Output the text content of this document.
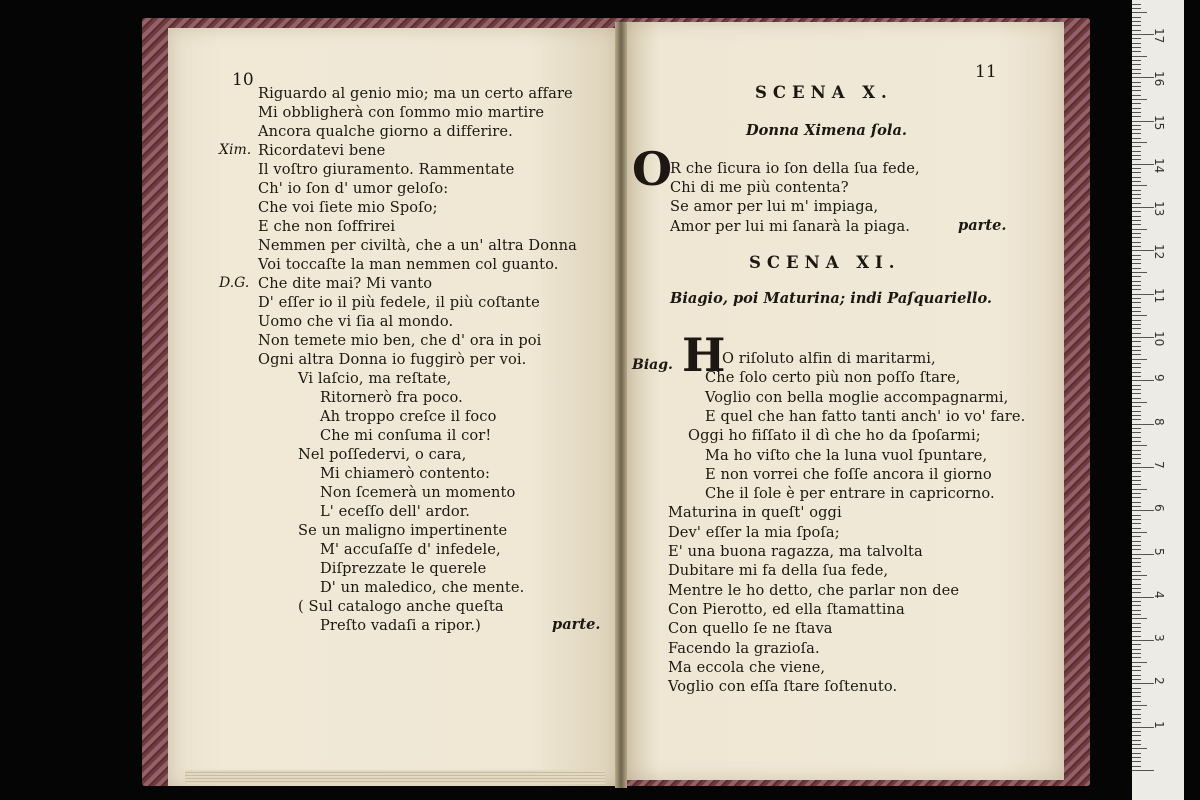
1
2
3
4
5
6
7
8
9
10
11
12
13
14
15
16
17
10
Riguardo al genio mio; ma un certo affare
Mi obbligherà con ſommo mio martire
Ancora qualche giorno a differire.
Xim. Ricordatevi bene
Il voſtro giuramento. Rammentate
Ch' io ſon d' umor geloſo:
Che voi ſiete mio Spoſo;
E che non ſoffrirei
Nemmen per civiltà, che a un' altra Donna
Voi toccaſte la man nemmen col guanto.
D.G. Che dite mai? Mi vanto
D' eſſer io il più fedele, il più coſtante
Uomo che vi ſia al mondo.
Non temete mio ben, che d' ora in poi
Ogni altra Donna io fuggirò per voi.
Vi laſcio, ma reſtate,
Ritornerò fra poco.
Ah troppo creſce il foco
Che mi conſuma il cor!
Nel poſſedervi, o cara,
Mi chiamerò contento:
Non ſcemerà un momento
L' eceſſo dell' ardor.
Se un maligno impertinente
M' accuſaſſe d' infedele,
Diſprezzate le querele
D' un maledico, che mente.
( Sul catalogo anche queſta
Preſto vadaſi a ripor.)	parte.
11
SCENA X.
Donna Ximena ſola.
O
R che ſicura io ſon della ſua fede,
Chi di me più contenta?
Se amor per lui m' impiaga,
Amor per lui mi ſanarà la piaga.	parte.
SCENA XI.
Biagio, poi Maturina; indi Paſquariello.
Biag. H
O riſoluto alfin di maritarmi,
Che ſolo certo più non poſſo ſtare,
Voglio con bella moglie accompagnarmi,
E quel che han fatto tanti anch' io vo' fare.
Oggi ho fiſſato il dì che ho da ſpoſarmi;
Ma ho viſto che la luna vuol ſpuntare,
E non vorrei che foſſe ancora il giorno
Che il ſole è per entrare in capricorno.
Maturina in queſt' oggi
Dev' eſſer la mia ſpoſa;
E' una buona ragazza, ma talvolta
Dubitare mi fa della ſua fede,
Mentre le ho detto, che parlar non dee
Con Pierotto, ed ella ſtamattina
Con quello ſe ne ſtava
Facendo la grazioſa.
Ma eccola che viene,
Voglio con eſſa ſtare ſoſtenuto.
